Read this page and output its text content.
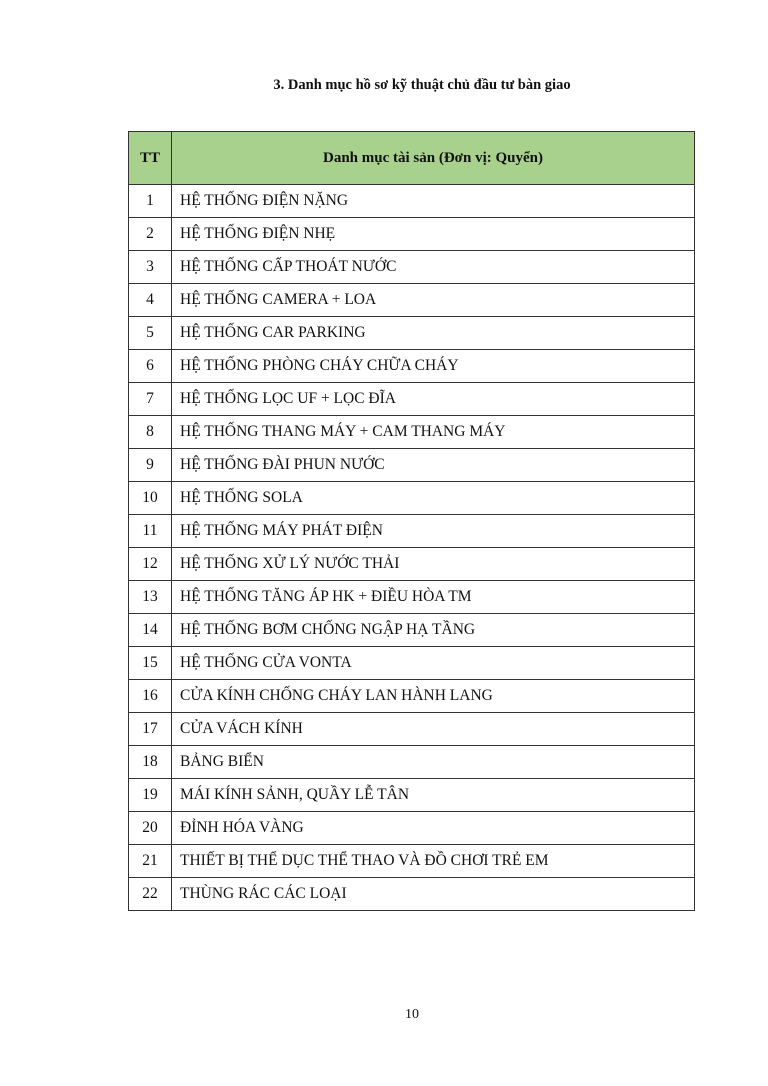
3. Danh mục hồ sơ kỹ thuật chủ đầu tư bàn giao
TT	Danh mục tài sản (Đơn vị: Quyển)
1	HỆ THỐNG ĐIỆN NẶNG
2	HỆ THỐNG ĐIỆN NHẸ
3	HỆ THỐNG CẤP THOÁT NƯỚC
4	HỆ THỐNG CAMERA + LOA
5	HỆ THỐNG CAR PARKING
6	HỆ THỐNG PHÒNG CHÁY CHỮA CHÁY
7	HỆ THỐNG LỌC UF + LỌC ĐĨA
8	HỆ THỐNG THANG MÁY + CAM THANG MÁY
9	HỆ THỐNG ĐÀI PHUN NƯỚC
10	HỆ THỐNG SOLA
11	HỆ THỐNG MÁY PHÁT ĐIỆN
12	HỆ THỐNG XỬ LÝ NƯỚC THẢI
13	HỆ THỐNG TĂNG ÁP HK + ĐIỀU HÒA TM
14	HỆ THỐNG BƠM CHỐNG NGẬP HẠ TẦNG
15	HỆ THỐNG CỬA VONTA
16	CỬA KÍNH CHỐNG CHÁY LAN HÀNH LANG
17	CỬA VÁCH KÍNH
18	BẢNG BIỂN
19	MÁI KÍNH SẢNH, QUẦY LỄ TÂN
20	ĐỈNH HÓA VÀNG
21	THIẾT BỊ THỂ DỤC THỂ THAO VÀ ĐỒ CHƠI TRẺ EM
22	THÙNG RÁC CÁC LOẠI
10
